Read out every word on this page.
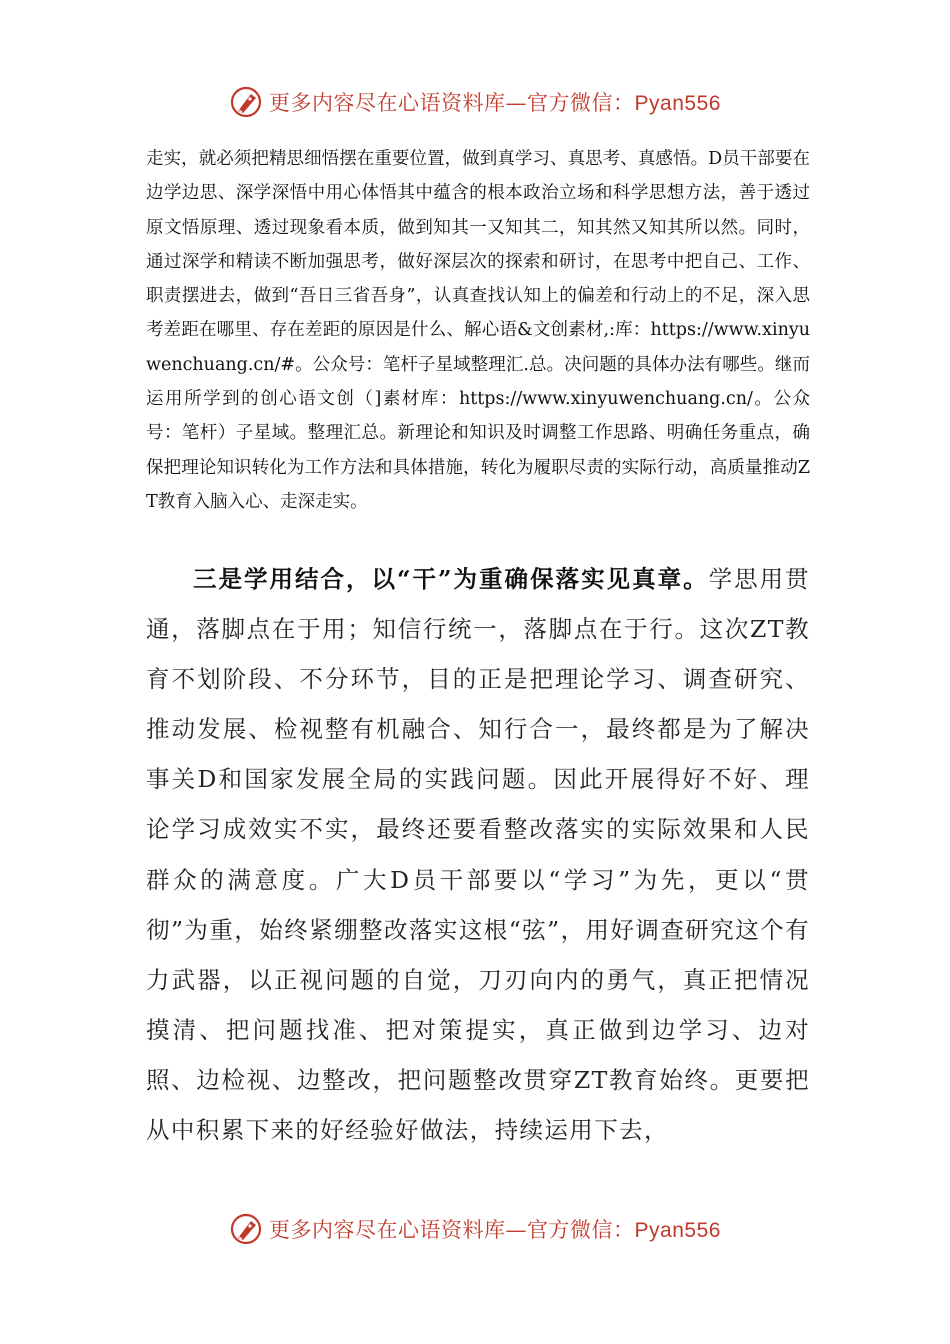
更多内容尽在心语资料库—官方微信：Pyan556

走实，就必须把精思细悟摆在重要位置，做到真学习、真思考、真感悟。D员干部要在边学边思、深学深悟中用心体悟其中蕴含的根本政治立场和科学思想方法，善于透过原文悟原理、透过现象看本质，做到知其一又知其二，知其然又知其所以然。同时，通过深学和精读不断加强思考，做好深层次的探索和研讨，在思考中把自己、工作、职责摆进去，做到“吾日三省吾身”，认真查找认知上的偏差和行动上的不足，深入思考差距在哪里、存在差距的原因是什么、解心语&文创素材,:库：https://www.xinyuwenchuang.cn/#。公众号：笔杆子星域整理汇.总。决问题的具体办法有哪些。继而运用所学到的创心语文创（]素材库：https://www.xinyuwenchuang.cn/。公众号：笔杆）子星域。整理汇总。新理论和知识及时调整工作思路、明确任务重点，确保把理论知识转化为工作方法和具体措施，转化为履职尽责的实际行动，高质量推动ZT教育入脑入心、走深走实。

三是学用结合，以“干”为重确保落实见真章。学思用贯通，落脚点在于用；知信行统一，落脚点在于行。这次ZT教育不划阶段、不分环节，目的正是把理论学习、调查研究、推动发展、检视整有机融合、知行合一，最终都是为了解决事关D和国家发展全局的实践问题。因此开展得好不好、理论学习成效实不实，最终还要看整改落实的实际效果和人民群众的满意度。广大D员干部要以“学习”为先，更以“贯彻”为重，始终紧绷整改落实这根“弦”，用好调查研究这个有力武器，以正视问题的自觉，刀刃向内的勇气，真正把情况摸清、把问题找准、把对策提实，真正做到边学习、边对照、边检视、边整改，把问题整改贯穿ZT教育始终。更要把从中积累下来的好经验好做法，持续运用下去，

更多内容尽在心语资料库—官方微信：Pyan556
